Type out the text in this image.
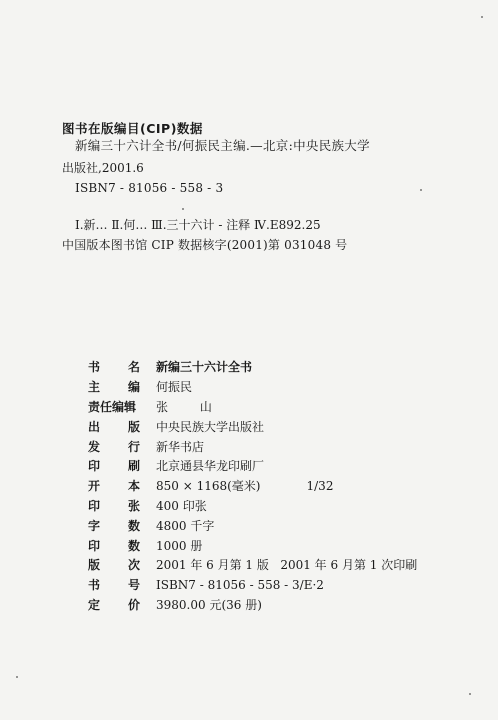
图书在版编目(CIP)数据
新编三十六计全书/何振民主编.—北京:中央民族大学
出版社,2001.6
ISBN7 - 81056 - 558 - 3
Ⅰ.新… Ⅱ.何… Ⅲ.三十六计 - 注释 Ⅳ.E892.25
中国版本图书馆 CIP 数据核字(2001)第 031048 号
书 名 新编三十六计全书
主 编 何振民
责任编辑	张 山
出 版 中央民族大学出版社
发 行 新华书店
印 刷 北京通县华龙印刷厂
开 本 850 × 1168(毫米)	1/32
印 张 400 印张
字 数 4800 千字
印 数 1000 册
版 次 2001 年 6 月第 1 版   2001 年 6 月第 1 次印刷
书 号 ISBN7 - 81056 - 558 - 3/E·2
定 价 3980.00 元(36 册)
